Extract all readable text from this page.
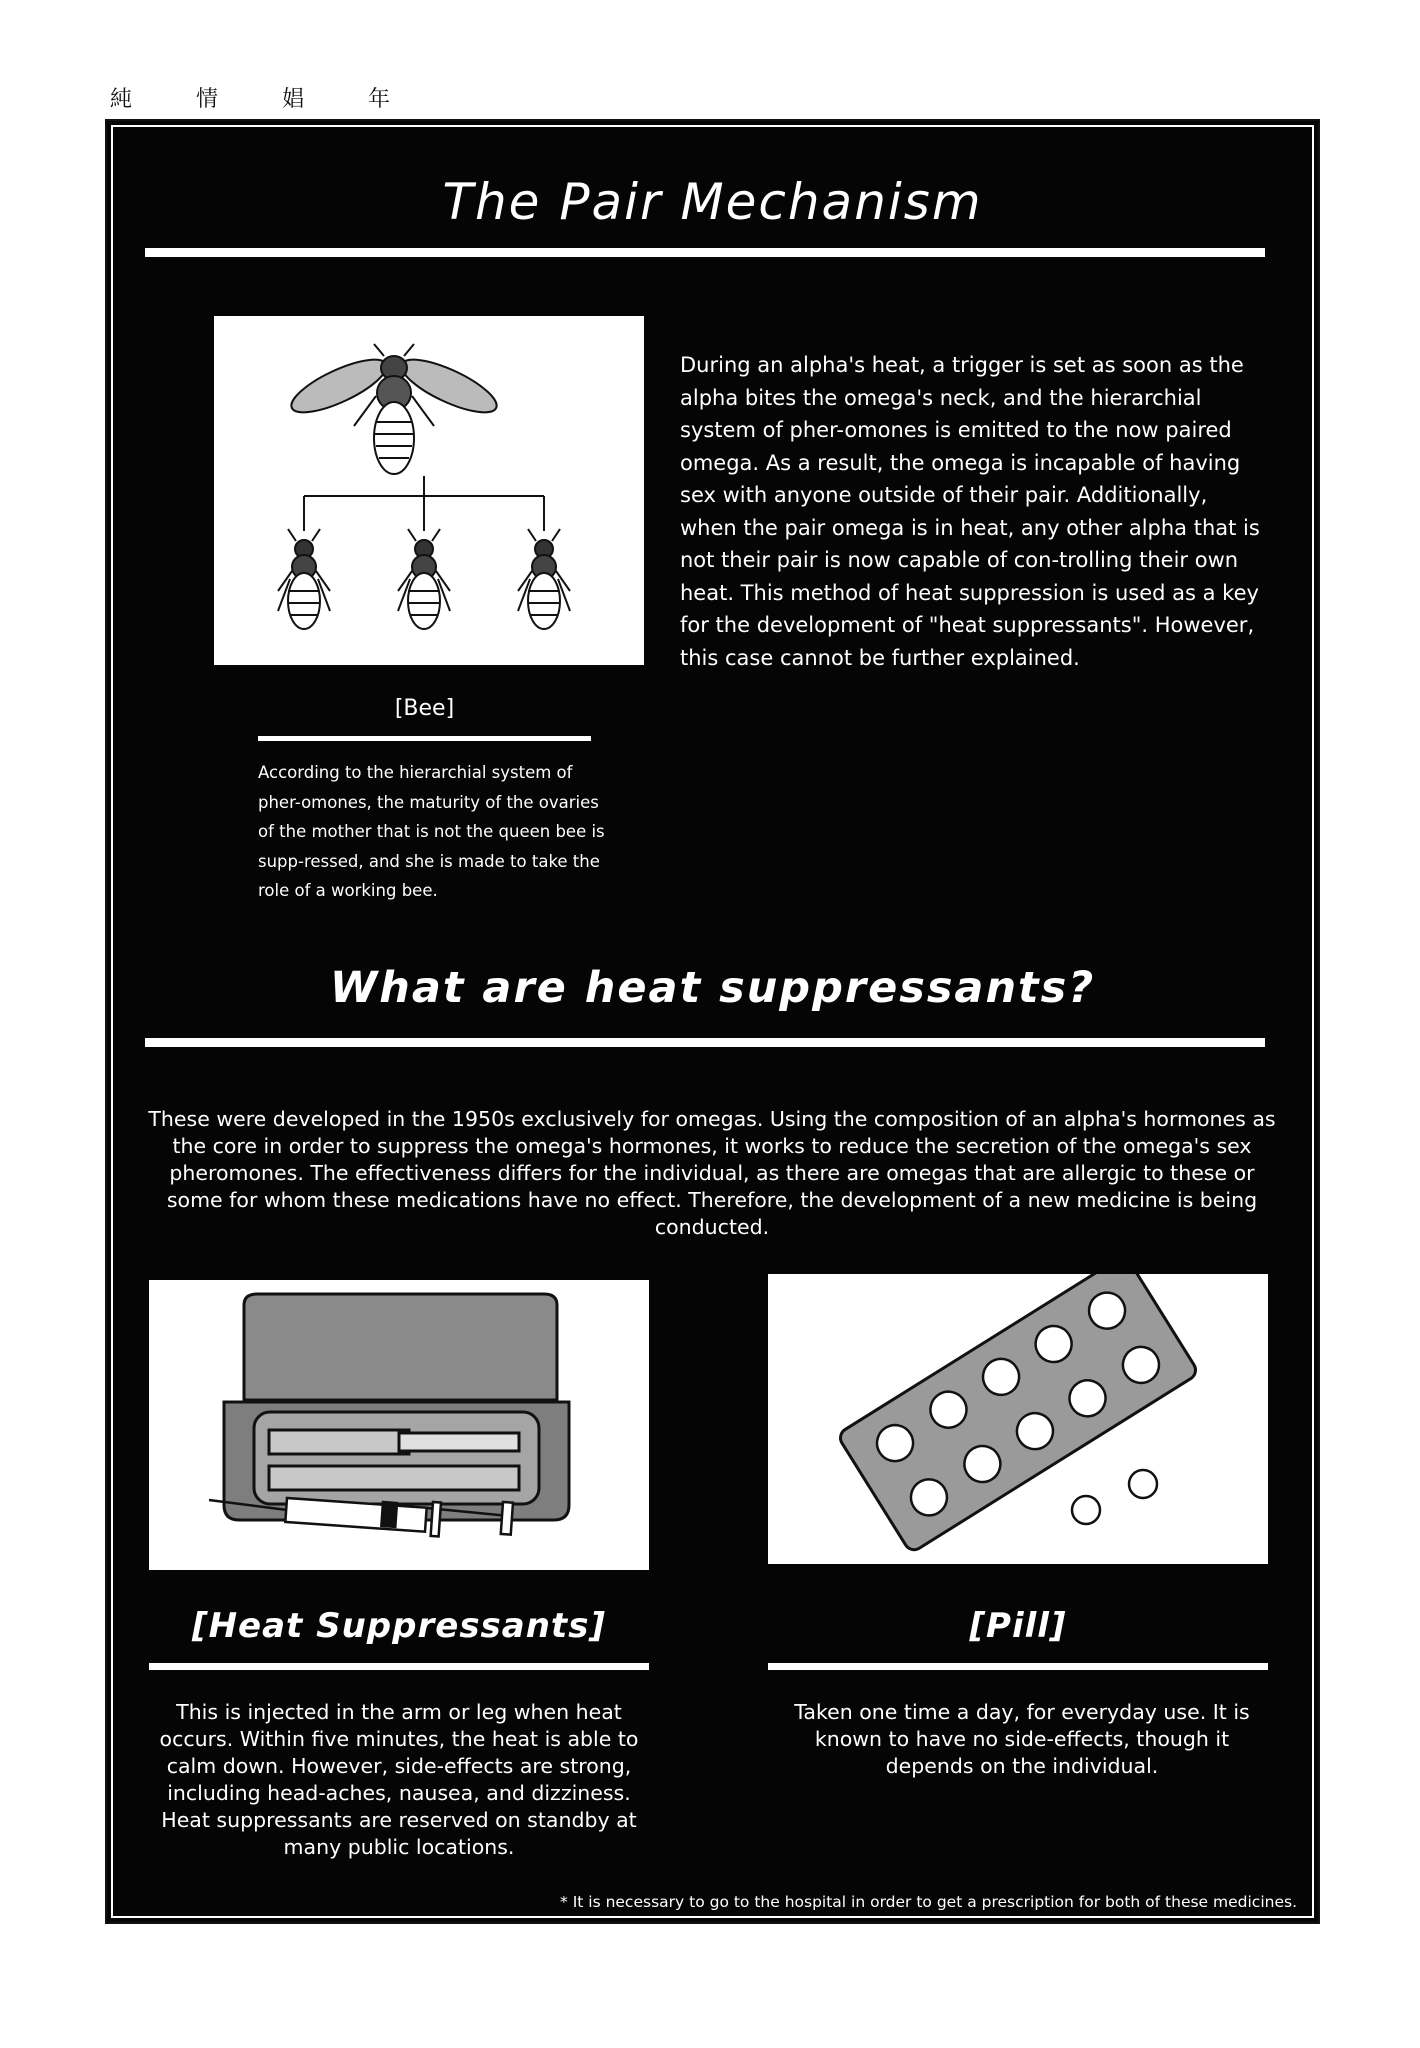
純	情	娼	年
The Pair Mechanism
During an alpha's heat, a trigger is set as soon as the alpha bites the omega's neck, and the hierarchial system of pher-omones is emitted to the now paired omega. As a result, the omega is incapable of having sex with anyone outside of their pair. Additionally, when the pair omega is in heat, any other alpha that is not their pair is now capable of con-trolling their own heat. This method of heat suppression is used as a key for the development of "heat suppressants". However, this case cannot be further explained.
[Bee]
According to the hierarchial system of pher-omones, the maturity of the ovaries of the mother that is not the queen bee is supp-ressed, and she is made to take the role of a working bee.
What are heat suppressants?
These were developed in the 1950s exclusively for omegas. Using the composition of an alpha's hormones as the core in order to suppress the omega's hormones, it works to reduce the secretion of the omega's sex pheromones. The effectiveness differs for the individual, as there are omegas that are allergic to these or some for whom these medications have no effect. Therefore, the development of a new medicine is being conducted.
[Heat Suppressants]
This is injected in the arm or leg when heat occurs. Within five minutes, the heat is able to calm down. However, side-effects are strong, including head-aches, nausea, and dizziness. Heat suppressants are reserved on standby at many public locations.
[Pill]
Taken one time a day, for everyday use. It is known to have no side-effects, though it depends on the individual.
* It is necessary to go to the hospital in order to get a prescription for both of these medicines.
